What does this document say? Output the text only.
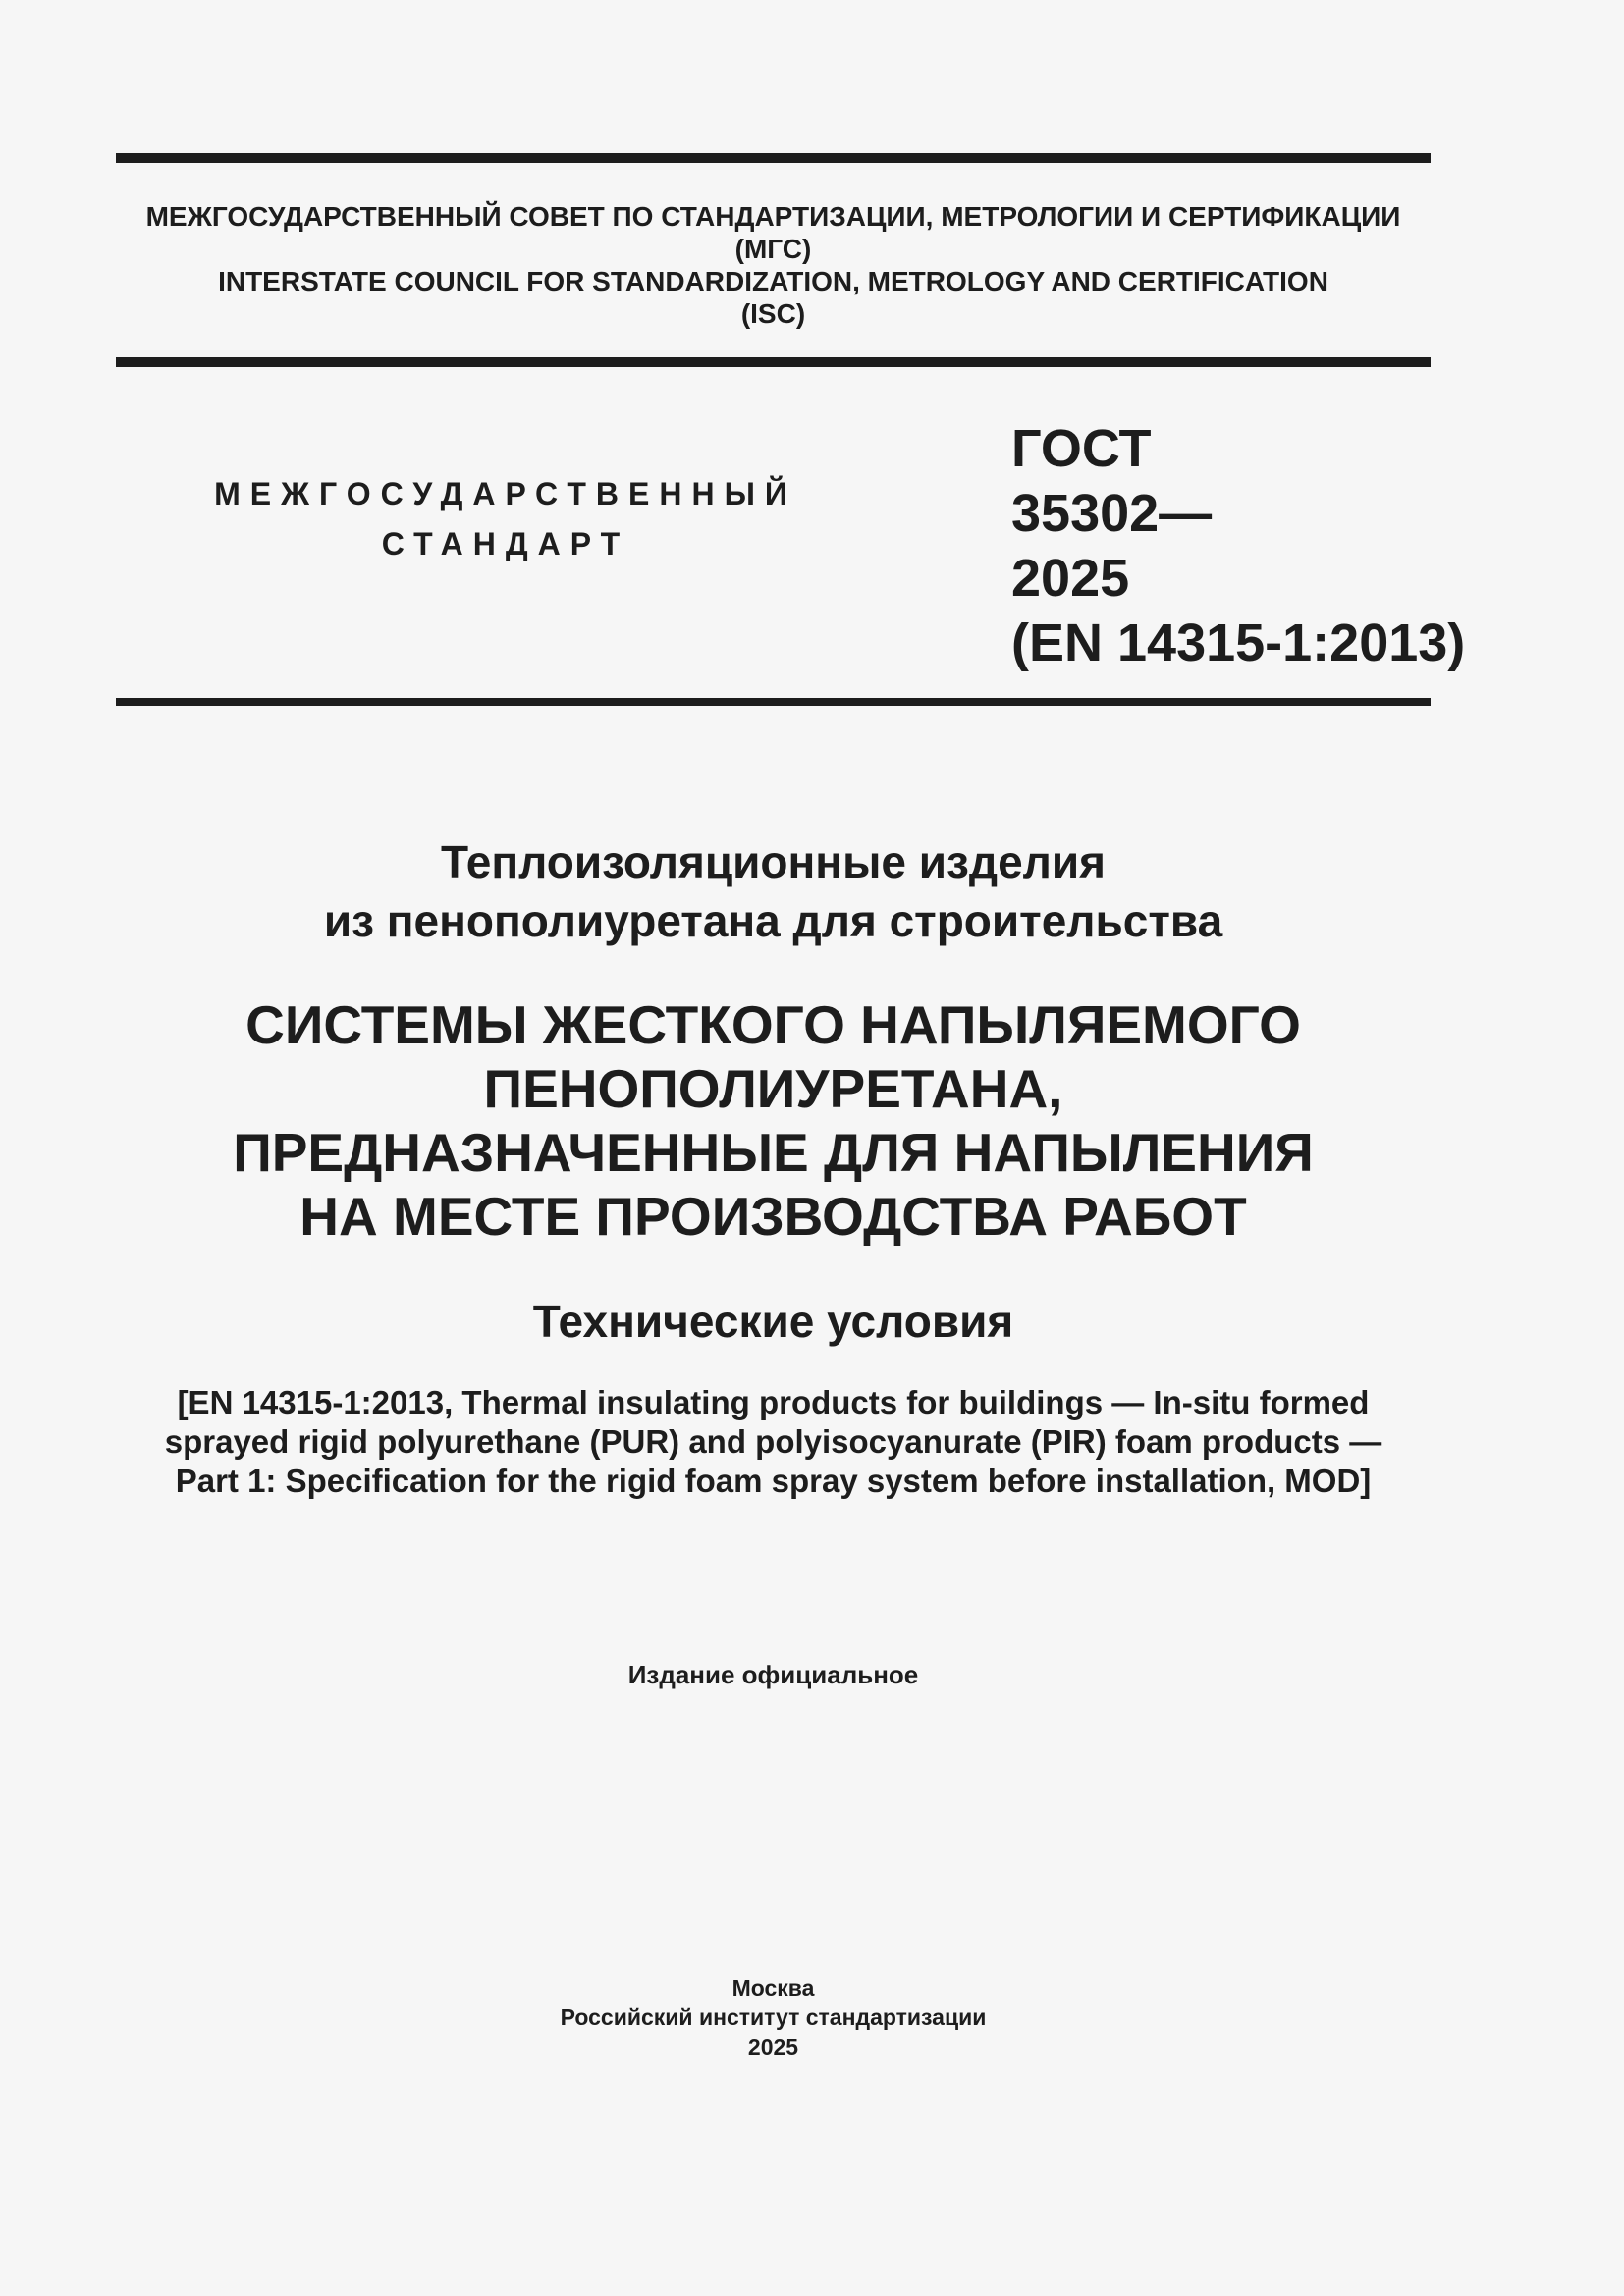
МЕЖГОСУДАРСТВЕННЫЙ СОВЕТ ПО СТАНДАРТИЗАЦИИ, МЕТРОЛОГИИ И СЕРТИФИКАЦИИ
(МГС)
INTERSTATE COUNCIL FOR STANDARDIZATION, METROLOGY AND CERTIFICATION
(ISC)
МЕЖГОСУДАРСТВЕННЫЙ
СТАНДАРТ
ГОСТ
35302—
2025
(EN 14315-1:2013)
Теплоизоляционные изделия
из пенополиуретана для строительства
СИСТЕМЫ ЖЕСТКОГО НАПЫЛЯЕМОГО
ПЕНОПОЛИУРЕТАНА,
ПРЕДНАЗНАЧЕННЫЕ ДЛЯ НАПЫЛЕНИЯ
НА МЕСТЕ ПРОИЗВОДСТВА РАБОТ
Технические условия
[EN 14315-1:2013, Thermal insulating products for buildings — In-situ formed
sprayed rigid polyurethane (PUR) and polyisocyanurate (PIR) foam products —
Part 1: Specification for the rigid foam spray system before installation, MOD]
Издание официальное
Москва
Российский институт стандартизации
2025
